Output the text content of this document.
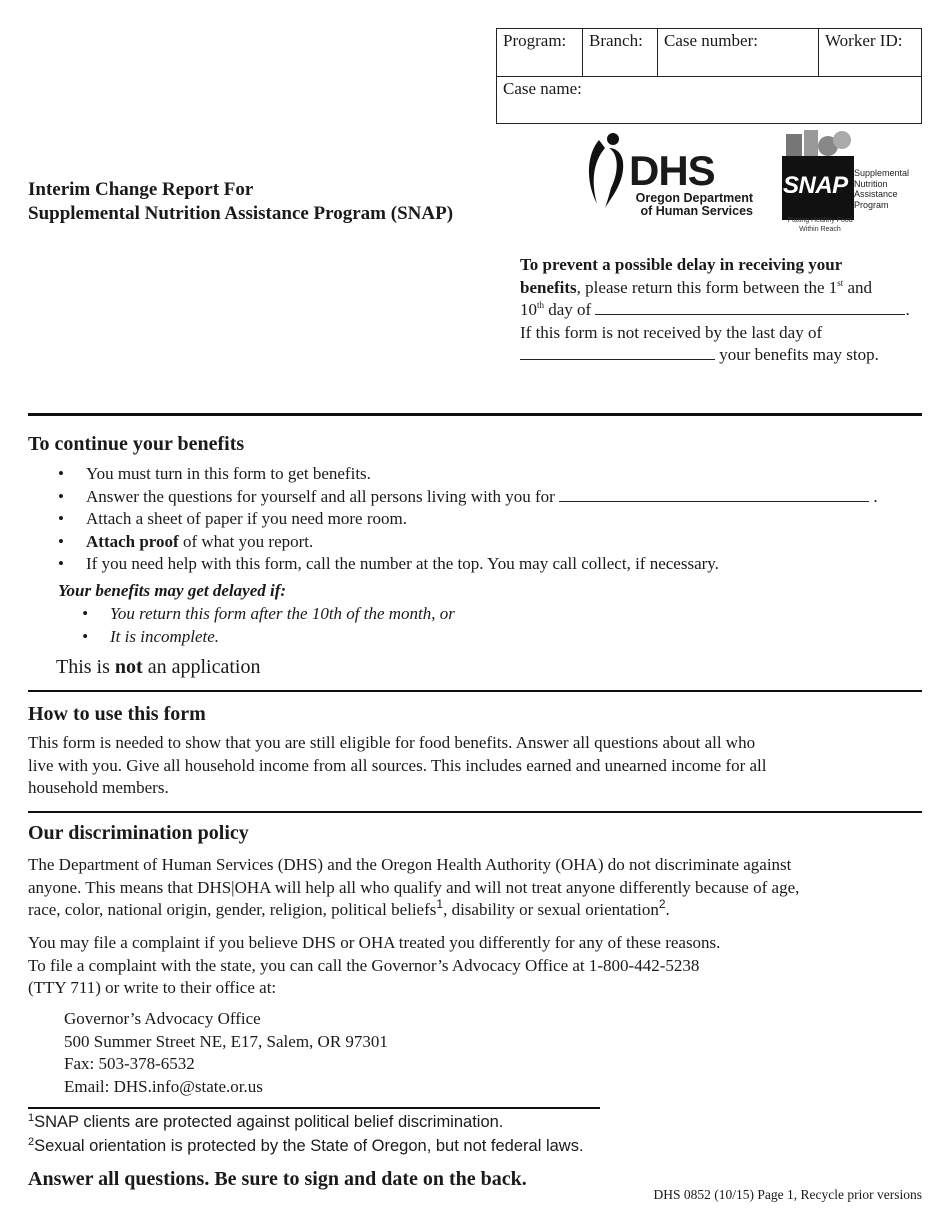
Program:	Branch:	Case number:	Worker ID:
Case name:
Interim Change Report For
Supplemental Nutrition Assistance Program (SNAP)
DHS
Oregon Department
of Human Services
SNAP Supplemental
Nutrition
Assistance
Program
Putting Healthy Food
Within Reach
To prevent a possible delay in receiving your
benefits, please return this form between the 1st and
10th day of	.
If this form is not received by the last day of
your benefits may stop.
To continue your benefits
• You must turn in this form to get benefits.
• Answer the questions for yourself and all persons living with you for	.
• Attach a sheet of paper if you need more room.
• Attach proof of what you report.
• If you need help with this form, call the number at the top. You may call collect, if necessary.
Your benefits may get delayed if:
• You return this form after the 10th of the month, or
• It is incomplete.
This is not an application
How to use this form
This form is needed to show that you are still eligible for food benefits. Answer all questions about all who
live with you. Give all household income from all sources. This includes earned and unearned income for all
household members.
Our discrimination policy
The Department of Human Services (DHS) and the Oregon Health Authority (OHA) do not discriminate against
anyone. This means that DHS|OHA will help all who qualify and will not treat anyone differently because of age,
race, color, national origin, gender, religion, political beliefs$^1$, disability or sexual orientation$^2$.
You may file a complaint if you believe DHS or OHA treated you differently for any of these reasons.
To file a complaint with the state, you can call the Governor’s Advocacy Office at 1-800-442-5238
(TTY 711) or write to their office at:
Governor’s Advocacy Office
500 Summer Street NE, E17, Salem, OR 97301
Fax: 503-378-6532
Email: DHS.info@state.or.us
$^1$SNAP clients are protected against political belief discrimination.
$^2$Sexual orientation is protected by the State of Oregon, but not federal laws.
Answer all questions. Be sure to sign and date on the back.
DHS 0852 (10/15) Page 1, Recycle prior versions
